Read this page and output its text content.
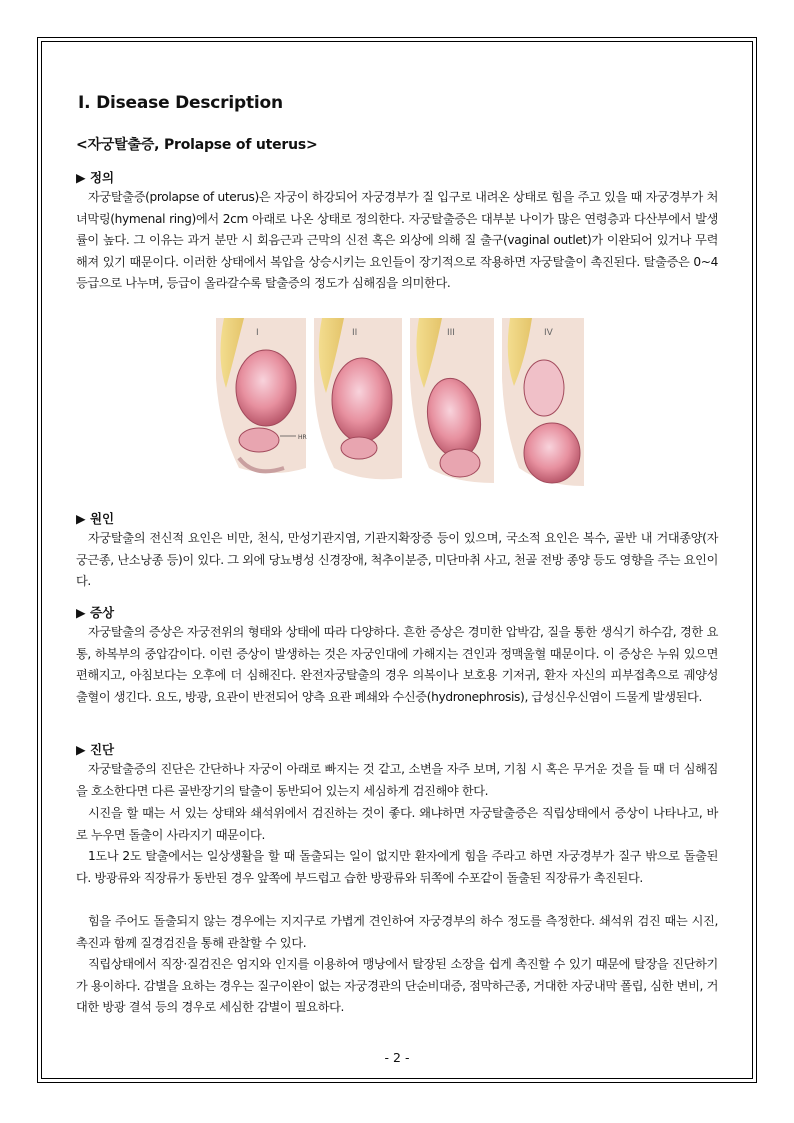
Ⅰ. Disease Description
<자궁탈출증, Prolapse of uterus>
▶ 정의

자궁탈출증(prolapse of uterus)은 자궁이 하강되어 자궁경부가 질 입구로 내려온 상태로 힘을 주고 있을 때 자궁경부가 처녀막링(hymenal ring)에서 2cm 아래로 나온 상태로 정의한다. 자궁탈출증은 대부분 나이가 많은 연령층과 다산부에서 발생률이 높다. 그 이유는 과거 분만 시 회음근과 근막의 신전 혹은 외상에 의해 질 출구(vaginal outlet)가 이완되어 있거나 무력해져 있기 때문이다. 이러한 상태에서 복압을 상승시키는 요인들이 장기적으로 작용하면 자궁탈출이 촉진된다. 탈출증은 0~4등급으로 나누며, 등급이 올라갈수록 탈출증의 정도가 심해짐을 의미한다.

HR
I	II	III	IV
▶ 원인

자궁탈출의 전신적 요인은 비만, 천식, 만성기관지염, 기관지확장증 등이 있으며, 국소적 요인은 복수, 골반 내 거대종양(자궁근종, 난소낭종 등)이 있다. 그 외에 당뇨병성 신경장애, 척추이분증, 미단마취 사고, 천골 전방 종양 등도 영향을 주는 요인이다.

▶ 증상

자궁탈출의 증상은 자궁전위의 형태와 상태에 따라 다양하다. 흔한 증상은 경미한 압박감, 질을 통한 생식기 하수감, 경한 요통, 하복부의 중압감이다. 이런 증상이 발생하는 것은 자궁인대에 가해지는 견인과 정맥울혈 때문이다. 이 증상은 누워 있으면 편해지고, 아침보다는 오후에 더 심해진다. 완전자궁탈출의 경우 의복이나 보호용 기저귀, 환자 자신의 피부접촉으로 궤양성 출혈이 생긴다. 요도, 방광, 요관이 반전되어 양측 요관 폐쇄와 수신증(hydronephrosis), 급성신우신염이 드물게 발생된다.

▶ 진단

자궁탈출증의 진단은 간단하나 자궁이 아래로 빠지는 것 같고, 소변을 자주 보며, 기침 시 혹은 무거운 것을 들 때 더 심해짐을 호소한다면 다른 골반장기의 탈출이 동반되어 있는지 세심하게 검진해야 한다.

시진을 할 때는 서 있는 상태와 쇄석위에서 검진하는 것이 좋다. 왜냐하면 자궁탈출증은 직립상태에서 증상이 나타나고, 바로 누우면 돌출이 사라지기 때문이다.

1도나 2도 탈출에서는 일상생활을 할 때 돌출되는 일이 없지만 환자에게 힘을 주라고 하면 자궁경부가 질구 밖으로 돌출된다. 방광류와 직장류가 동반된 경우 앞쪽에 부드럽고 습한 방광류와 뒤쪽에 수포같이 돌출된 직장류가 촉진된다.

힘을 주어도 돌출되지 않는 경우에는 지지구로 가볍게 견인하여 자궁경부의 하수 정도를 측정한다. 쇄석위 검진 때는 시진, 촉진과 함께 질경검진을 통해 관찰할 수 있다.

직립상태에서 직장·질검진은 엄지와 인지를 이용하여 맹낭에서 탈장된 소장을 쉽게 촉진할 수 있기 때문에 탈장을 진단하기가 용이하다. 감별을 요하는 경우는 질구이완이 없는 자궁경관의 단순비대증, 점막하근종, 거대한 자궁내막 폴립, 심한 변비, 거대한 방광 결석 등의 경우로 세심한 감별이 필요하다.

- 2 -
